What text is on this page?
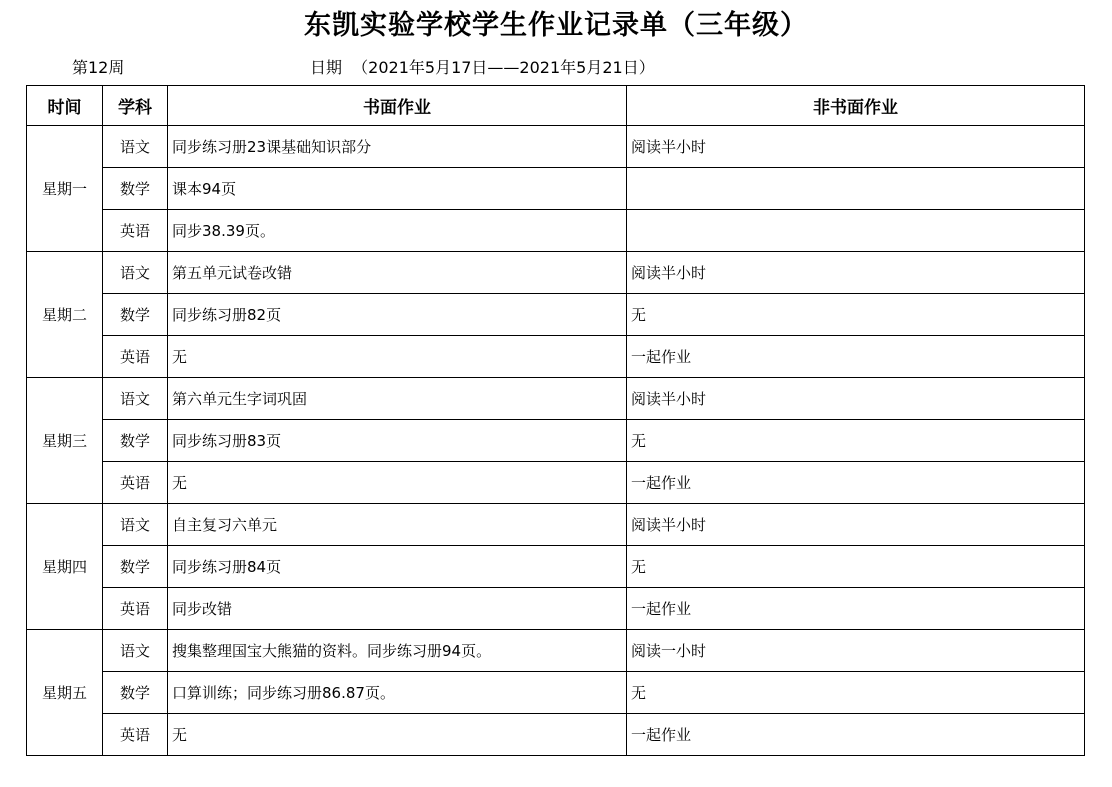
东凯实验学校学生作业记录单（三年级）
第12周	日期  （2021年5月17日——2021年5月21日）
时间	学科	书面作业	非书面作业
星期一	语文	同步练习册23课基础知识部分	阅读半小时
	数学	课本94页	
	英语	同步38.39页。	
星期二	语文	第五单元试卷改错	阅读半小时
	数学	同步练习册82页	无
	英语	无	一起作业
星期三	语文	第六单元生字词巩固	阅读半小时
	数学	同步练习册83页	无
	英语	无	一起作业
星期四	语文	自主复习六单元	阅读半小时
	数学	同步练习册84页	无
	英语	同步改错	一起作业
星期五	语文	搜集整理国宝大熊猫的资料。同步练习册94页。	阅读一小时
	数学	口算训练；同步练习册86.87页。	无
	英语	无	一起作业
